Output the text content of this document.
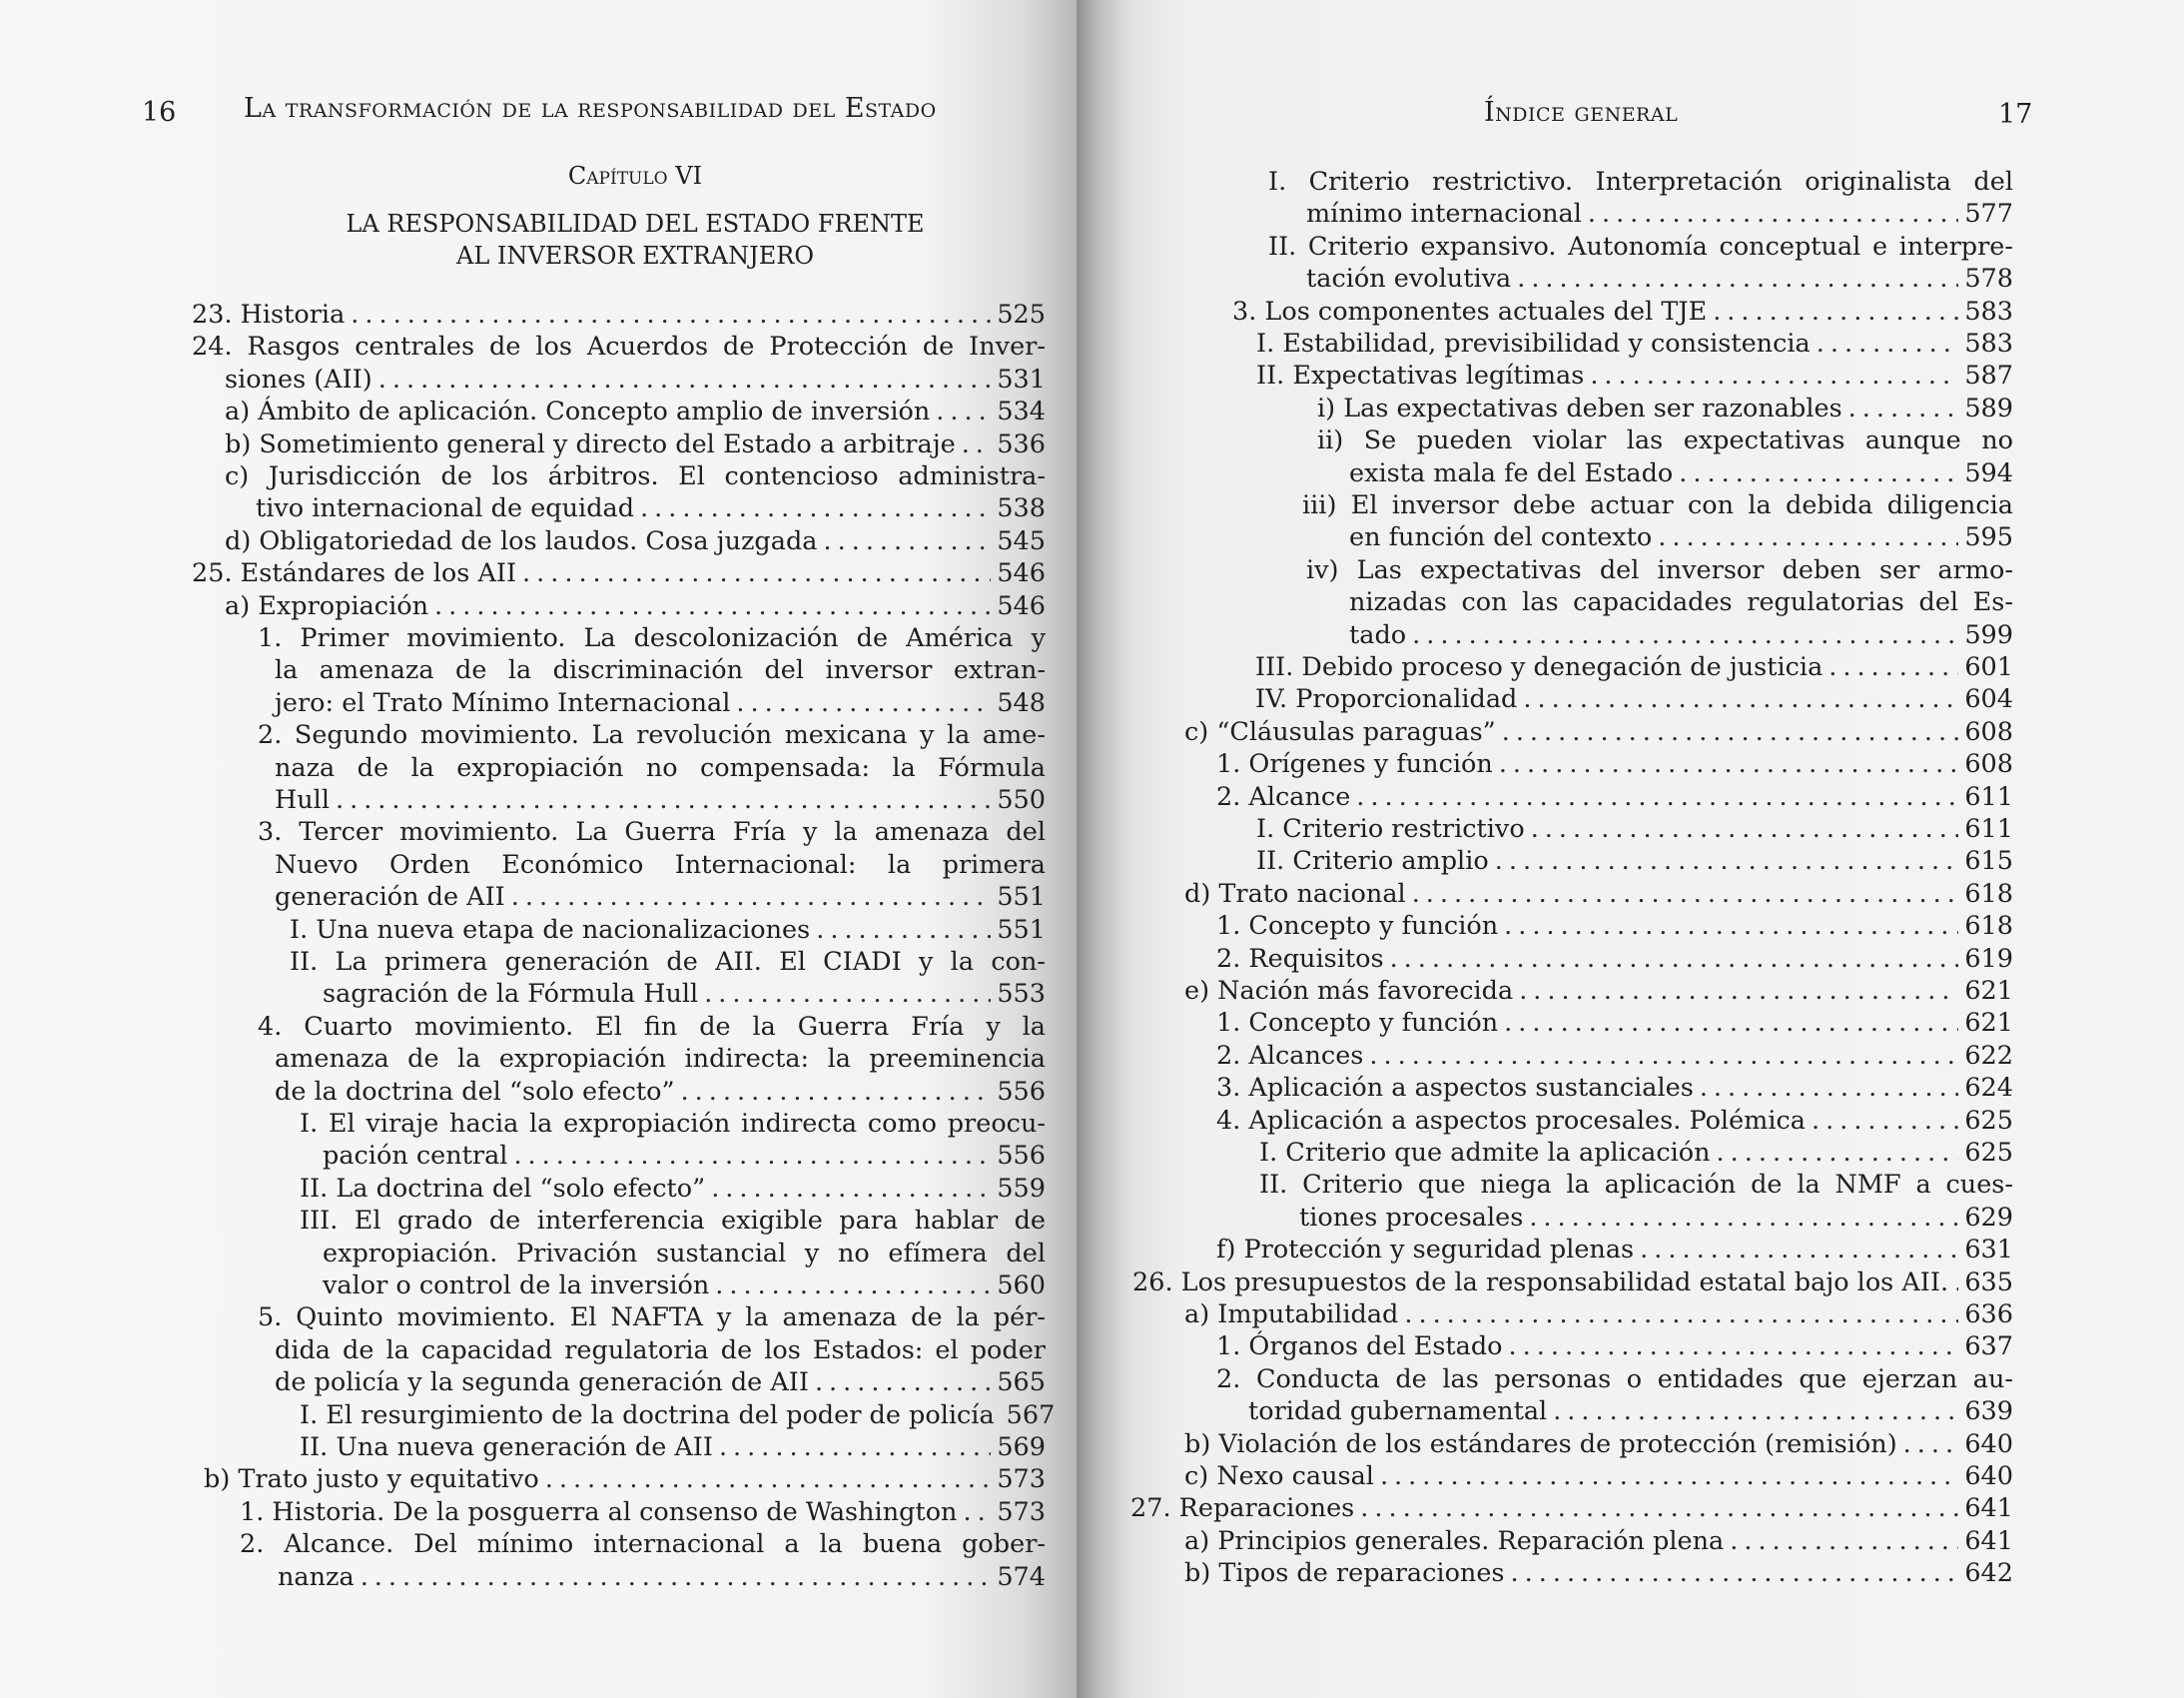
16	La transformación de la responsabilidad del Estado
Capítulo VI
LA RESPONSABILIDAD DEL ESTADO FRENTE
AL INVERSOR EXTRANJERO
23. Historia .....	525
24. Rasgos centrales de los Acuerdos de Protección de Inver-
siones (AII) .....	531
a) Ámbito de aplicación. Concepto amplio de inversión .....	534
b) Sometimiento general y directo del Estado a arbitraje ..... 536
c) Jurisdicción de los árbitros. El contencioso administra-
tivo internacional de equidad .....	538
d) Obligatoriedad de los laudos. Cosa juzgada .....	545
25. Estándares de los AII .....	546
a) Expropiación .....	546
1. Primer movimiento. La descolonización de América y
la amenaza de la discriminación del inversor extran-
jero: el Trato Mínimo Internacional .....	548
2. Segundo movimiento. La revolución mexicana y la ame-
naza de la expropiación no compensada: la Fórmula
Hull .....	550
3. Tercer movimiento. La Guerra Fría y la amenaza del
Nuevo Orden Económico Internacional: la primera
generación de AII .....	551
I. Una nueva etapa de nacionalizaciones .....	551
II. La primera generación de AII. El CIADI y la con-
sagración de la Fórmula Hull .....	553
4. Cuarto movimiento. El fin de la Guerra Fría y la
amenaza de la expropiación indirecta: la preeminencia
de la doctrina del “solo efecto” .....	556
I. El viraje hacia la expropiación indirecta como preocu-
pación central .....	556
II. La doctrina del “solo efecto” .....	559
III. El grado de interferencia exigible para hablar de
expropiación. Privación sustancial y no efímera del
valor o control de la inversión .....	560
5. Quinto movimiento. El NAFTA y la amenaza de la pér-
dida de la capacidad regulatoria de los Estados: el poder
de policía y la segunda generación de AII .....	565
I. El resurgimiento de la doctrina del poder de policía 567
II. Una nueva generación de AII .....	569
b) Trato justo y equitativo .....	573
1. Historia. De la posguerra al consenso de Washington ..... 573
2. Alcance. Del mínimo internacional a la buena gober-
nanza .....	574
Índice general	17
I. Criterio restrictivo. Interpretación originalista del
mínimo internacional .....	577
II. Criterio expansivo. Autonomía conceptual e interpre-
tación evolutiva .....	578
3. Los componentes actuales del TJE .....	583
I. Estabilidad, previsibilidad y consistencia .....	583
II. Expectativas legítimas .....	587
i) Las expectativas deben ser razonables .....	589
ii) Se pueden violar las expectativas aunque no
exista mala fe del Estado .....	594
iii) El inversor debe actuar con la debida diligencia
en función del contexto .....	595
iv) Las expectativas del inversor deben ser armo-
nizadas con las capacidades regulatorias del Es-
tado .....	599
III. Debido proceso y denegación de justicia .....	601
IV. Proporcionalidad .....	604
c) “Cláusulas paraguas” .....	608
1. Orígenes y función .....	608
2. Alcance .....	611
I. Criterio restrictivo .....	611
II. Criterio amplio .....	615
d) Trato nacional .....	618
1. Concepto y función .....	618
2. Requisitos .....	619
e) Nación más favorecida .....	621
1. Concepto y función .....	621
2. Alcances .....	622
3. Aplicación a aspectos sustanciales .....	624
4. Aplicación a aspectos procesales. Polémica .....	625
I. Criterio que admite la aplicación .....	625
II. Criterio que niega la aplicación de la NMF a cues-
tiones procesales .....	629
f) Protección y seguridad plenas .....	631
26. Los presupuestos de la responsabilidad estatal bajo los AII. ..... 635
a) Imputabilidad .....	636
1. Órganos del Estado .....	637
2. Conducta de las personas o entidades que ejerzan au-
toridad gubernamental .....	639
b) Violación de los estándares de protección (remisión) .....	640
c) Nexo causal .....	640
27. Reparaciones .....	641
a) Principios generales. Reparación plena .....	641
b) Tipos de reparaciones .....	642
